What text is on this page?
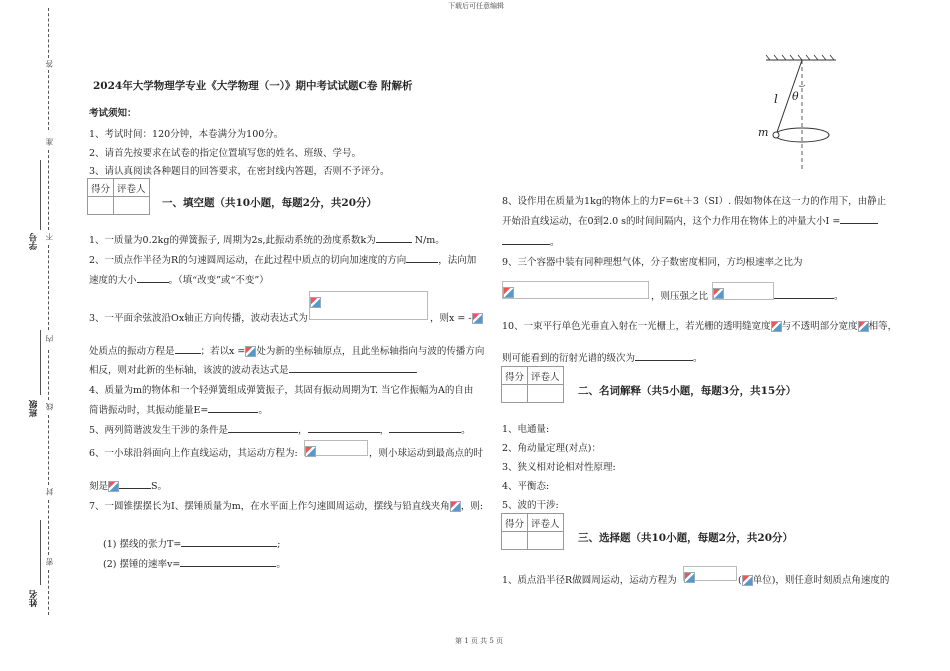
下载后可任意编辑
第 1 页 共 5 页
答
准
不
内
线
封
密
学号
班级
姓名
2024年大学物理学专业《大学物理（一）》期中考试试题C卷 附解析
考试须知：
1、考试时间：120分钟，本卷满分为100分。
2、请首先按要求在试卷的指定位置填写您的姓名、班级、学号。
3、请认真阅读各种题目的回答要求，在密封线内答题，否则不予评分。
得分	评卷人

一、填空题（共10小题，每题2分，共20分）
1、一质量为0.2kg的弹簧振子, 周期为2s,此振动系统的劲度系数k为	N/m。
2、一质点作半径为R的匀速圆周运动，在此过程中质点的切向加速度的方向	，法向加
速度的大小	。（填“改变”或“不变”）
3、一平面余弦波沿Ox轴正方向传播，波动表达式为	，则x = -
处质点的振动方程是	；若以x = 处为新的坐标轴原点，且此坐标轴指向与波的传播方向
相反，则对此新的坐标轴，该波的波动表达式是
4、质量为m的物体和一个轻弹簧组成弹簧振子，其固有振动周期为T. 当它作振幅为A的自由
简谐振动时，其振动能量E=	。
5、两列简谐波发生干涉的条件是	，	，	。
6、一小球沿斜面向上作直线运动，其运动方程为:	，则小球运动到最高点的时
刻是	S。
7、一圆锥摆摆长为I、摆锤质量为m，在水平面上作匀速圆周运动，摆线与铅直线夹角 ，则:
(1) 摆线的张力T=	;
(2) 摆锤的速率v=	。
l θ
m
8、设作用在质量为1kg的物体上的力F=6t＋3（SI）. 假如物体在这一力的作用下，由静止
开始沿直线运动，在0到2.0 s的时间间隔内，这个力作用在物体上的冲量大小I =
。
9、三个容器中装有同种理想气体，分子数密度相同，方均根速率之比为
，则压强之比	。
10、一束平行单色光垂直入射在一光栅上，若光栅的透明缝宽度 与不透明部分宽度 相等，
则可能看到的衍射光谱的级次为	。
得分	评卷人

二、名词解释（共5小题，每题3分，共15分）
1、电通量:
2、角动量定理(对点)：
3、狭义相对论相对性原理:
4、平衡态:
5、波的干涉:
得分	评卷人

三、选择题（共10小题，每题2分，共20分）
1、质点沿半径R做圆周运动，运动方程为	( 单位)，则任意时刻质点角速度的
